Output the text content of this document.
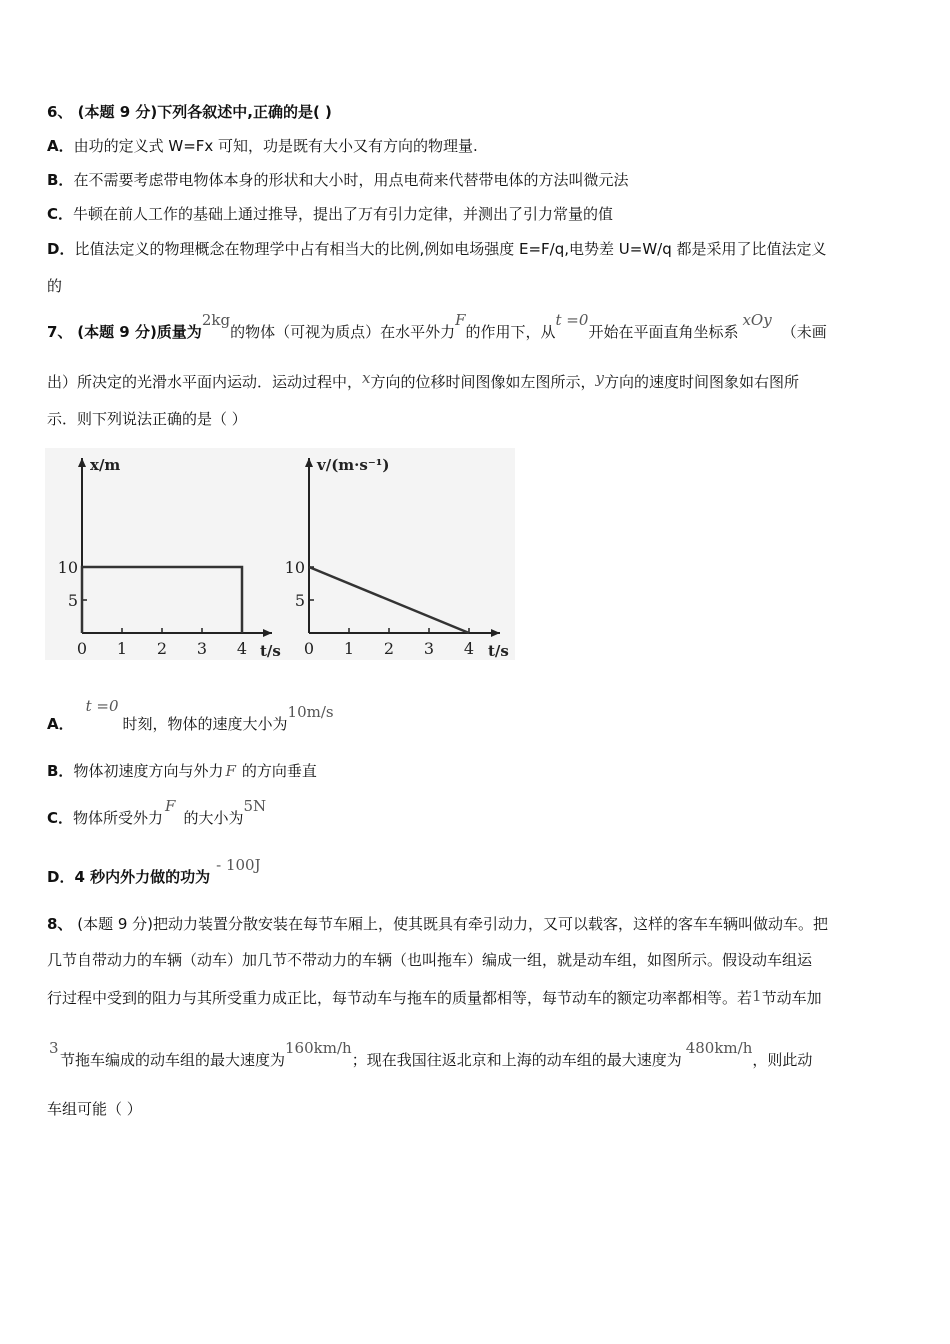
6、 (本题 9 分)下列各叙述中,正确的是( )
A．由功的定义式 W=Fx 可知，功是既有大小又有方向的物理量.
B．在不需要考虑带电物体本身的形状和大小时，用点电荷来代替带电体的方法叫微元法
C．牛顿在前人工作的基础上通过推导，提出了万有引力定律，并测出了引力常量的值
D．比值法定义的物理概念在物理学中占有相当大的比例,例如电场强度 E=F/q,电势差 U=W/q 都是采用了比值法定义
的
7、 (本题 9 分)质量为2kg的物体（可视为质点）在水平外力F的作用下，从t =0开始在平面直角坐标系xOy（未画
出）所决定的光滑水平面内运动．运动过程中，x方向的位移时间图像如左图所示，y方向的速度时间图象如右图所
示．则下列说法正确的是（ ）
0 1 2 3 4
5
10
t/s
x/m
0 1 2 3 4
5
10
t/s
v/(m·s⁻¹)
A．t =0时刻，物体的速度大小为10m/s
B．物体初速度方向与外力 F 的方向垂直
C．物体所受外力F的大小为5N
D．4 秒内外力做的功为- 100J
8、 (本题 9 分)把动力装置分散安装在每节车厢上，使其既具有牵引动力，又可以载客，这样的客车车辆叫做动车。把
几节自带动力的车辆（动车）加几节不带动力的车辆（也叫拖车）编成一组，就是动车组，如图所示。假设动车组运
行过程中受到的阻力与其所受重力成正比，每节动车与拖车的质量都相等，每节动车的额定功率都相等。若1节动车加
3
节拖车编成的动车组的最大速度为160km/h；现在我国往返北京和上海的动车组的最大速度为480km/h，则此动
车组可能（ ）
